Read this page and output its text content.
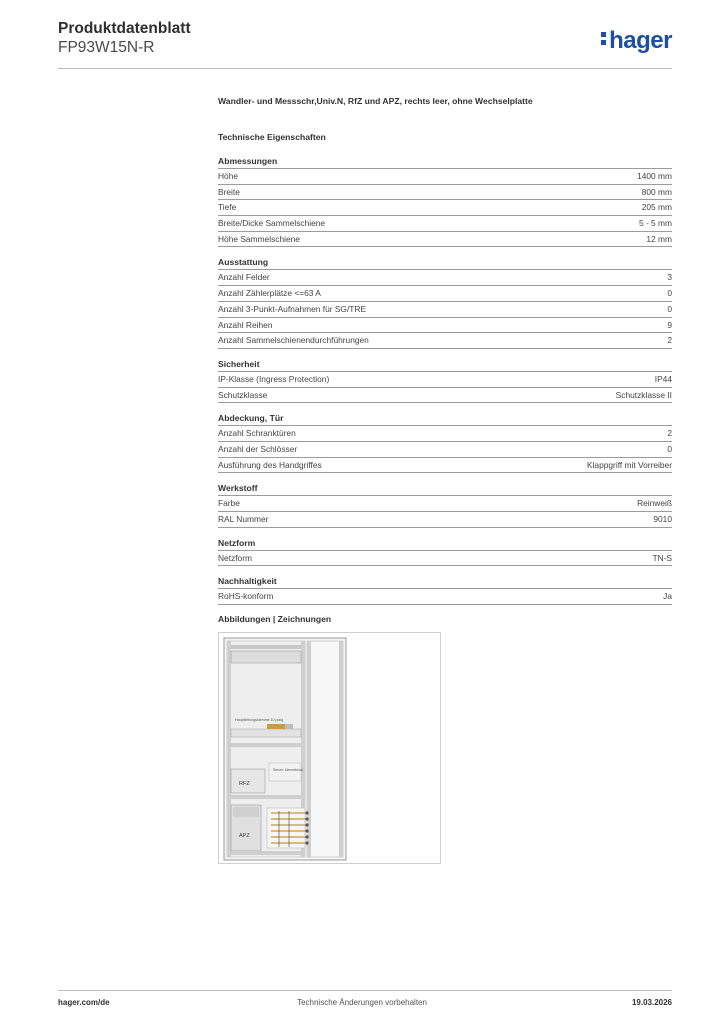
Produktdatenblatt
FP93W15N-R	hager
Wandler- und Messschr,Univ.N, RfZ und APZ, rechts leer, ohne Wechselplatte
Technische Eigenschaften
Abmessungen
Höhe	1400 mm
Breite	800 mm
Tiefe	205 mm
Breite/Dicke Sammelschiene	5 - 5 mm
Höhe Sammelschiene	12 mm
Ausstattung
Anzahl Felder	3
Anzahl Zählerplätze <=63 A	0
Anzahl 3-Punkt-Aufnahmen für SG/TRE	0
Anzahl Reihen	9
Anzahl Sammelschienendurchführungen	2
Sicherheit
IP-Klasse (Ingress Protection)	IP44
Schutzklasse	Schutzklasse II
Abdeckung, Tür
Anzahl Schranktüren	2
Anzahl der Schlösser	0
Ausführung des Handgriffes	Klappgriff mit Vorreiber
Werkstoff
Farbe	Reinweiß
RAL Nummer	9010
Netzform
Netzform	TN-S
Nachhaltigkeit
RoHS-konform	Ja
Abbildungen | Zeichnungen
Hauptleitungsklemme 10 polig
RFZ
Steuer- klemmblock
APZ
hager.com/de	Technische Änderungen vorbehalten	19.03.2026
